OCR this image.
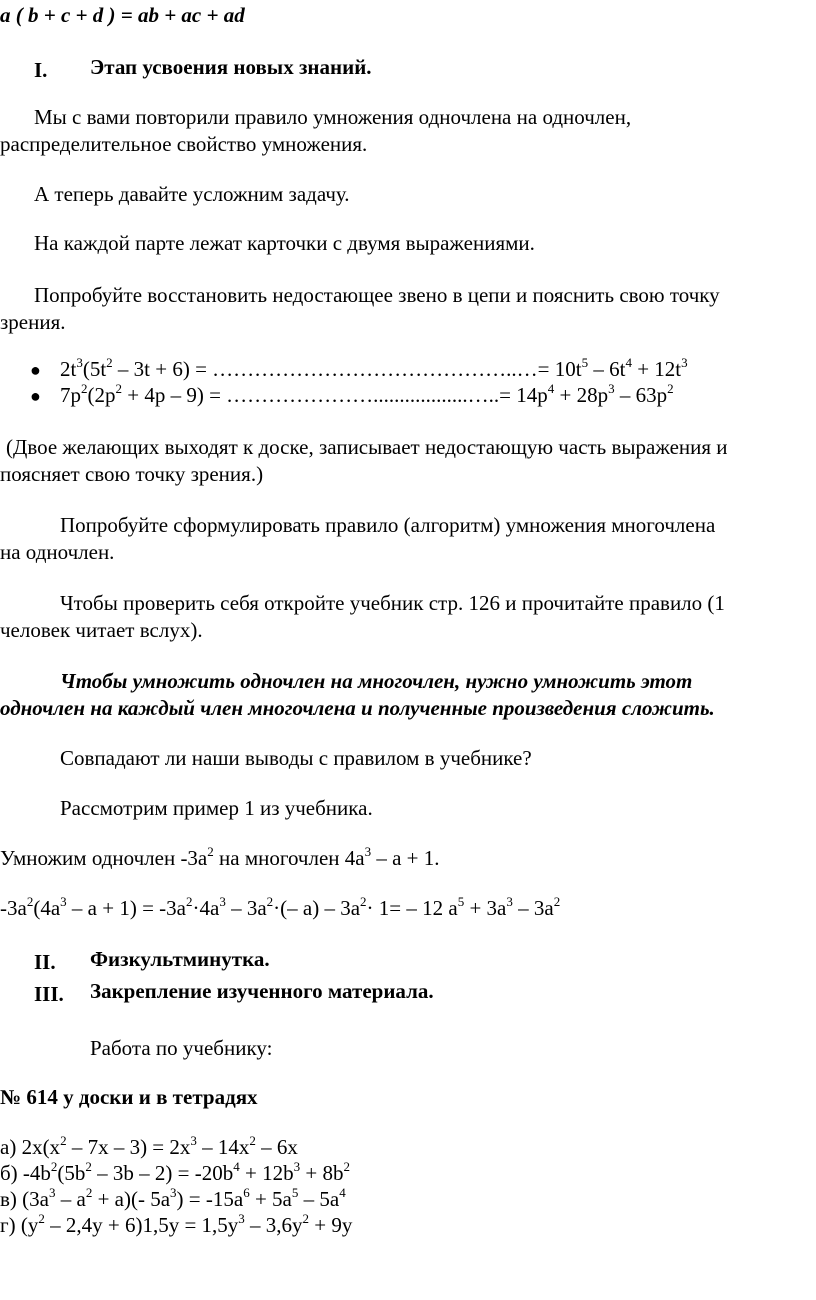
a ( b + c + d ) = ab + ac + ad
I.	Этап усвоения новых знаний.
Мы с вами повторили правило умножения одночлена на одночлен,
распределительное свойство умножения.
А теперь давайте усложним задачу.
На каждой парте лежат карточки с двумя выражениями.
Попробуйте восстановить недостающее звено в цепи и пояснить свою точку
зрения.
● $2t^3(5t^2 - 3t + 6)$ = ……………………………………..…= $10t^5 - 6t^4 + 12t^3$
● $7p^2(2p^2 + 4p - 9)$ = …………………..................…..= $14p^4 + 28p^3 - 63p^2$
(Двое желающих выходят к доске, записывает недостающую часть выражения и
поясняет свою точку зрения.)
Попробуйте сформулировать правило (алгоритм) умножения многочлена
на одночлен.
Чтобы проверить себя откройте учебник стр. 126 и прочитайте правило (1
человек читает вслух).
Чтобы умножить одночлен на многочлен, нужно умножить этот
одночлен на каждый член многочлена и полученные произведения сложить.
Совпадают ли наши выводы с правилом в учебнике?
Рассмотрим пример 1 из учебника.
Умножим одночлен $-3a^2$ на многочлен $4a^3 - a + 1$.
$-3a^2(4a^3 - a + 1) = -3a^2\cdot 4a^3 - 3a^2\cdot(-$ $a) - 3a^2\cdot 1= - 12$ $a^5 + 3a^3 - 3a^2$
II.	Физкультминутка.
III.	Закрепление изученного материала.
Работа по учебнику:
№ 614 у доски и в тетрадях
а) $2x(x^2 - 7x - 3) = 2x^3 - 14x^2 - 6x$
б) $-4b^2(5b^2 - 3b - 2) = -20b^4 + 12b^3 + 8b^2$
в) $(3a^3 - a^2 + a)(-$ $5a^3) = -15a^6 + 5a^5 - 5a^4$
г) $(y^2 - 2,4y + 6)1,5y = 1,5y^3 - 3,6y^2 + 9y$
